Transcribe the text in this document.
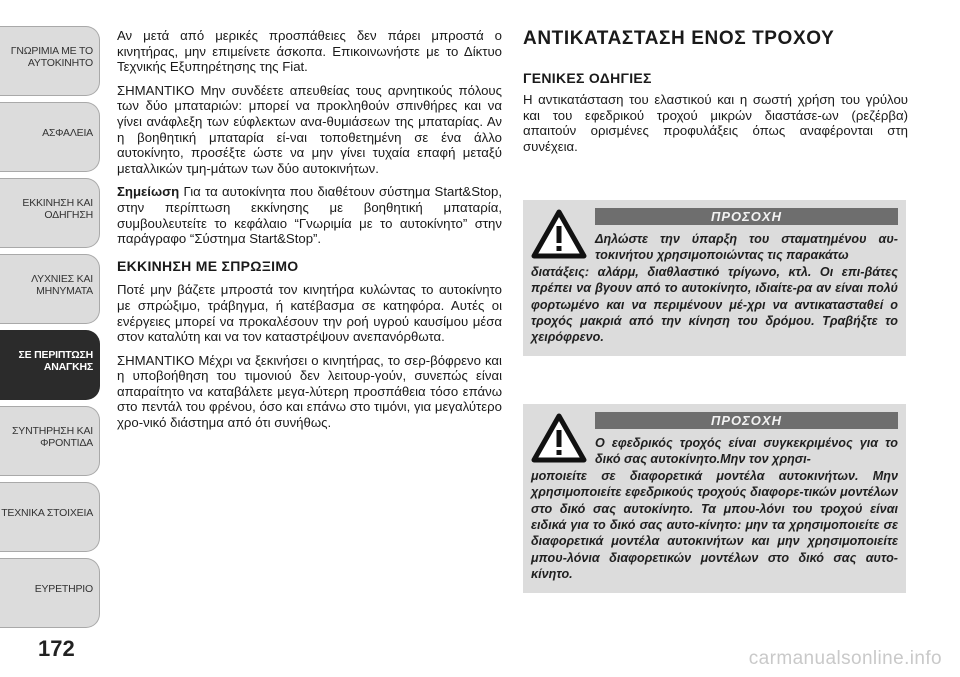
ΓΝΩΡΙΜΙΑ ΜΕ ΤΟ
ΑΥΤΟΚΙΝΗΤΟ
ΑΣΦΑΛΕΙΑ
ΕΚΚΙΝΗΣΗ ΚΑΙ
ΟΔΗΓΗΣΗ
ΛΥΧΝΙΕΣ ΚΑΙ
ΜΗΝΥΜΑΤΑ
ΣΕ ΠΕΡΙΠΤΩΣΗ
ΑΝΑΓΚΗΣ
ΣΥΝΤΗΡΗΣΗ ΚΑΙ
ΦΡΟΝΤΙΔΑ
ΤΕΧΝΙΚΑ ΣΤΟΙΧΕΙΑ
ΕΥΡΕΤΗΡΙΟ
172

Αν μετά από μερικές προσπάθειες δεν πάρει μπροστά ο κινητήρας, μην επιμείνετε άσκοπα. Επικοινωνήστε με το Δίκτυο Τεχνικής Εξυπηρέτησης της Fiat.

ΣΗΜΑΝΤΙΚΟ Μην συνδέετε απευθείας τους αρνητικούς πόλους των δύο μπαταριών: μπορεί να προκληθούν σπινθήρες και να γίνει ανάφλεξη των εύφλεκτων ανα-θυμιάσεων της μπαταρίας. Αν η βοηθητική μπαταρία εί-ναι τοποθετημένη σε ένα άλλο αυτοκίνητο, προσέξτε ώστε να μην γίνει τυχαία επαφή μεταξύ μεταλλικών τμη-μάτων των δύο αυτοκινήτων.

Σημείωση Για τα αυτοκίνητα που διαθέτουν σύστημα Start&Stop, στην περίπτωση εκκίνησης με βοηθητική μπαταρία, συμβουλευτείτε το κεφάλαιο “Γνωριμία με το αυτοκίνητο” στην παράγραφο “Σύστημα Start&Stop”.

ΕΚΚΙΝΗΣΗ ΜΕ ΣΠΡΩΞΙΜΟ

Ποτέ μην βάζετε μπροστά τον κινητήρα κυλώντας το αυτοκίνητο με σπρώξιμο, τράβηγμα, ή κατέβασμα σε κατηφόρα. Αυτές οι ενέργειες μπορεί να προκαλέσουν την ροή υγρού καυσίμου μέσα στον καταλύτη και να τον καταστρέψουν ανεπανόρθωτα.

ΣΗΜΑΝΤΙΚΟ Μέχρι να ξεκινήσει ο κινητήρας, το σερ-βόφρενο και η υποβοήθηση του τιμονιού δεν λειτουρ-γούν, συνεπώς είναι απαραίτητο να καταβάλετε μεγα-λύτερη προσπάθεια τόσο επάνω στο πεντάλ του φρένου, όσο και επάνω στο τιμόνι, για μεγαλύτερο χρο-νικό διάστημα από ότι συνήθως.

ΑΝΤΙΚΑΤΑΣΤΑΣΗ ΕΝΟΣ ΤΡΟΧΟΥ
ΓΕΝΙΚΕΣ ΟΔΗΓΙΕΣ

Η αντικατάσταση του ελαστικού και η σωστή χρήση του γρύλου και του εφεδρικού τροχού μικρών διαστάσε-ων (ρεζέρβα) απαιτούν ορισμένες προφυλάξεις όπως αναφέρονται στη συνέχεια.

ΠΡΟΣΟΧΗ
Δηλώστε την ύπαρξη του σταματημένου αυ-τοκινήτου χρησιμοποιώντας τις παρακάτω
διατάξεις: αλάρμ, διαθλαστικό τρίγωνο, κτλ. Οι επι-βάτες πρέπει να βγουν από το αυτοκίνητο, ιδιαίτε-ρα αν είναι πολύ φορτωμένο και να περιμένουν μέ-χρι να αντικατασταθεί ο τροχός μακριά από την κίνηση του δρόμου. Τραβήξτε το χειρόφρενο.
ΠΡΟΣΟΧΗ
Ο εφεδρικός τροχός είναι συγκεκριμένος για το δικό σας αυτοκίνητο.Μην τον χρησι-
μοποιείτε σε διαφορετικά μοντέλα αυτοκινήτων. Μην χρησιμοποιείτε εφεδρικούς τροχούς διαφορε-τικών μοντέλων στο δικό σας αυτοκίνητο. Τα μπου-λόνι του τροχού είναι ειδικά για το δικό σας αυτο-κίνητο: μην τα χρησιμοποιείτε σε διαφορετικά μοντέλα αυτοκινήτων και μην χρησιμοποιείτε μπου-λόνια διαφορετικών μοντέλων στο δικό σας αυτο-κίνητο.
carmanualsonline.info
